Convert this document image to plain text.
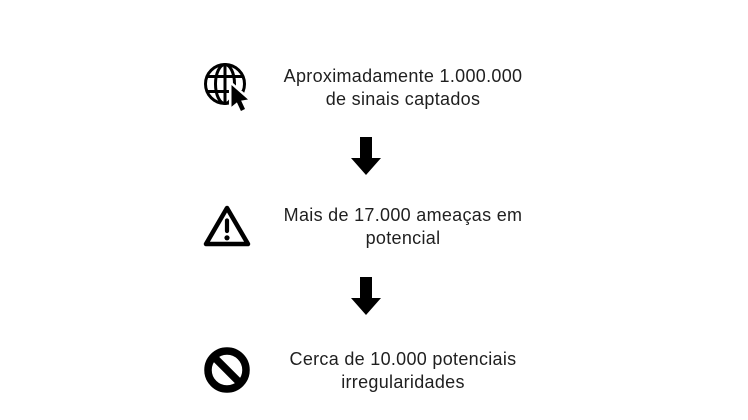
Aproximadamente 1.000.000
de sinais captados

Mais de 17.000 ameaças em
potencial

Cerca de 10.000 potenciais
irregularidades
